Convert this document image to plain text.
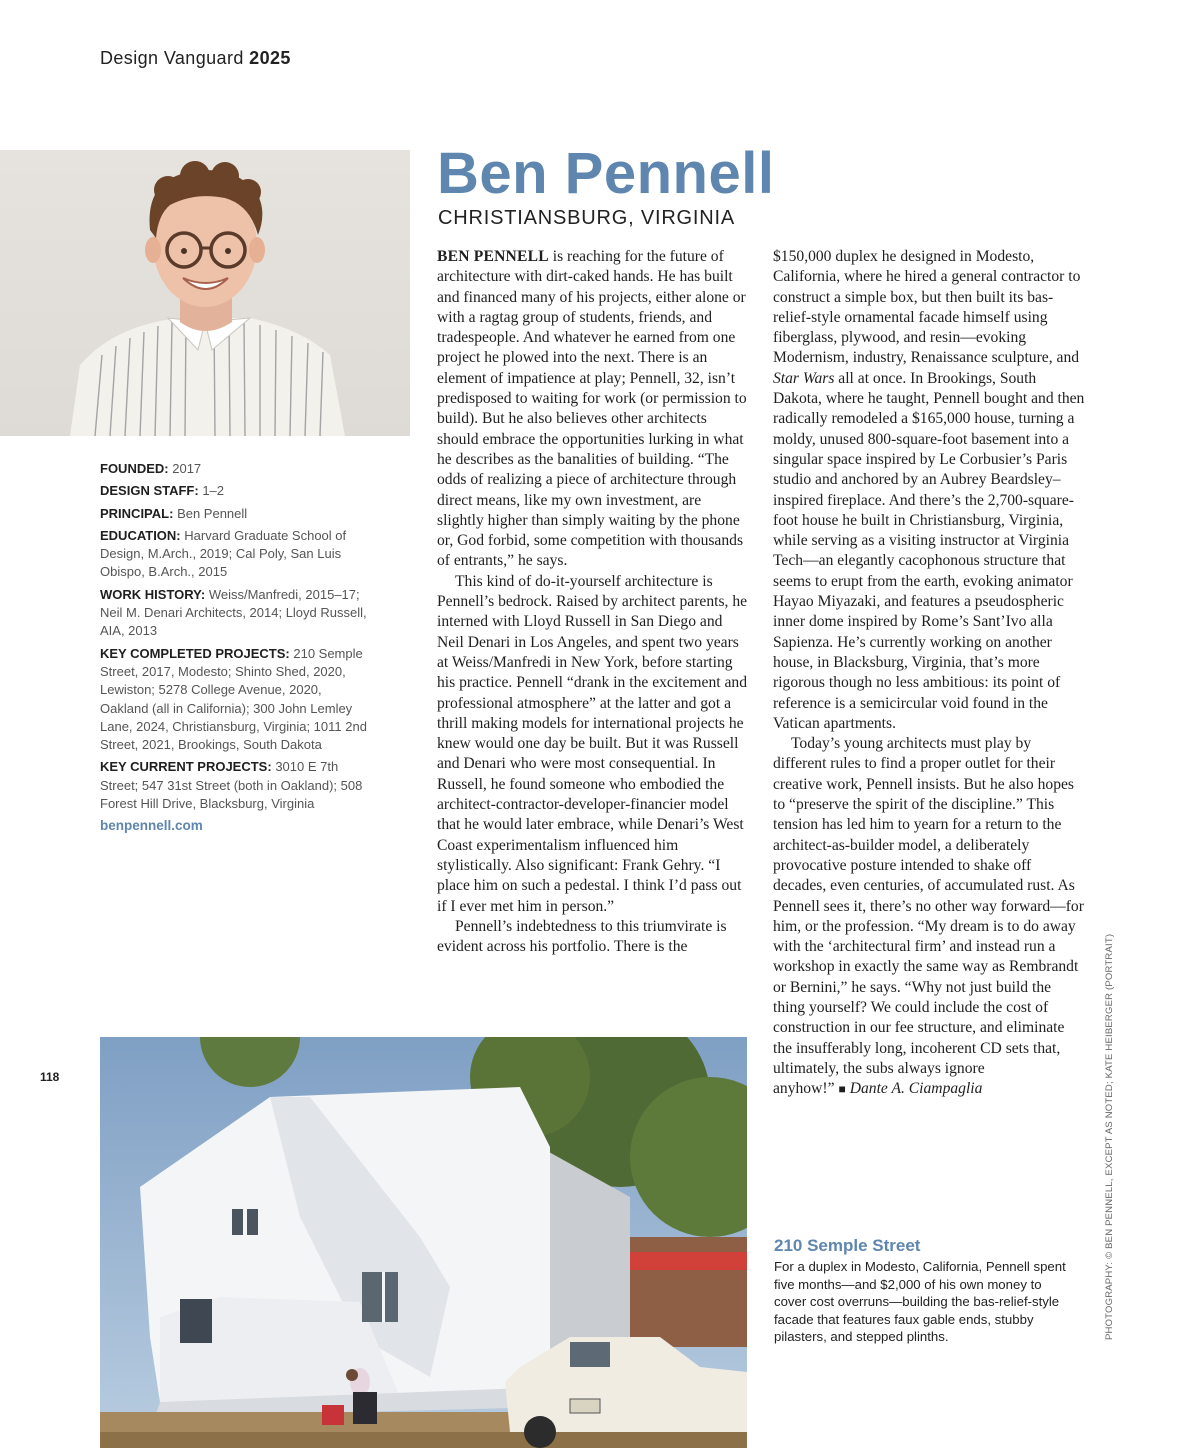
Design Vanguard 2025
Ben Pennell
CHRISTIANSBURG, VIRGINIA
FOUNDED: 2017
DESIGN STAFF: 1–2
PRINCIPAL: Ben Pennell
EDUCATION: Harvard Graduate School of Design, M.Arch., 2019; Cal Poly, San Luis Obispo, B.Arch., 2015
WORK HISTORY: Weiss/Manfredi, 2015–17; Neil M. Denari Architects, 2014; Lloyd Russell, AIA, 2013
KEY COMPLETED PROJECTS: 210 Semple Street, 2017, Modesto; Shinto Shed, 2020, Lewiston; 5278 College Avenue, 2020, Oakland (all in California); 300 John Lemley Lane, 2024, Christiansburg, Virginia; 1011 2nd Street, 2021, Brookings, South Dakota
KEY CURRENT PROJECTS: 3010 E 7th Street; 547 31st Street (both in Oakland); 508 Forest Hill Drive, Blacksburg, Virginia
benpennell.com

BEN PENNELL is reaching for the future of architecture with dirt-caked hands. He has built and financed many of his projects, either alone or with a ragtag group of students, friends, and tradespeople. And whatever he earned from one project he plowed into the next. There is an element of impatience at play; Pennell, 32, isn’t predisposed to waiting for work (or permission to build). But he also believes other architects should embrace the opportunities lurking in what he describes as the banalities of building. “The odds of realizing a piece of architecture through direct means, like my own investment, are slightly higher than simply waiting by the phone or, God forbid, some competition with thousands of entrants,” he says.

This kind of do-it-yourself architecture is Pennell’s bedrock. Raised by architect parents, he interned with Lloyd Russell in San Diego and Neil Denari in Los Angeles, and spent two years at Weiss/Manfredi in New York, before starting his practice. Pennell “drank in the excitement and professional atmosphere” at the latter and got a thrill making models for international projects he knew would one day be built. But it was Russell and Denari who were most consequential. In Russell, he found someone who embodied the architect-contractor-developer-financier model that he would later embrace, while Denari’s West Coast experimentalism influenced him stylistically. Also significant: Frank Gehry. “I place him on such a pedestal. I think I’d pass out if I ever met him in person.”

Pennell’s indebtedness to this triumvirate is evident across his portfolio. There is the

$150,000 duplex he designed in Modesto, California, where he hired a general contractor to construct a simple box, but then built its bas-relief-style ornamental facade himself using fiberglass, plywood, and resin—evoking Modernism, industry, Renaissance sculpture, and Star Wars all at once. In Brookings, South Dakota, where he taught, Pennell bought and then radically remodeled a $165,000 house, turning a moldy, unused 800-square-foot basement into a singular space inspired by Le Corbusier’s Paris studio and anchored by an Aubrey Beardsley–inspired fireplace. And there’s the 2,700-square-foot house he built in Christiansburg, Virginia, while serving as a visiting instructor at Virginia Tech—an elegantly cacophonous structure that seems to erupt from the earth, evoking animator Hayao Miyazaki, and features a pseudospheric inner dome inspired by Rome’s Sant’Ivo alla Sapienza. He’s currently working on another house, in Blacksburg, Virginia, that’s more rigorous though no less ambitious: its point of reference is a semicircular void found in the Vatican apartments.

Today’s young architects must play by different rules to find a proper outlet for their creative work, Pennell insists. But he also hopes to “preserve the spirit of the discipline.” This tension has led him to yearn for a return to the architect-as-builder model, a deliberately provocative posture intended to shake off decades, even centuries, of accumulated rust. As Pennell sees it, there’s no other way forward—for him, or the profession. “My dream is to do away with the ‘architectural firm’ and instead run a workshop in exactly the same way as Rembrandt or Bernini,” he says. “Why not just build the thing yourself? We could include the cost of construction in our fee structure, and eliminate the insufferably long, incoherent CD sets that, ultimately, the subs always ignore anyhow!” ■ Dante A. Ciampaglia

210 Semple Street
For a duplex in Modesto, California, Pennell spent five months—and $2,000 of his own money to cover cost overruns—building the bas-relief-style facade that features faux gable ends, stubby pilasters, and stepped plinths.	PHOTOGRAPHY: © BEN PENNELL, EXCEPT AS NOTED; KATE HEIBERGER (PORTRAIT)
118
